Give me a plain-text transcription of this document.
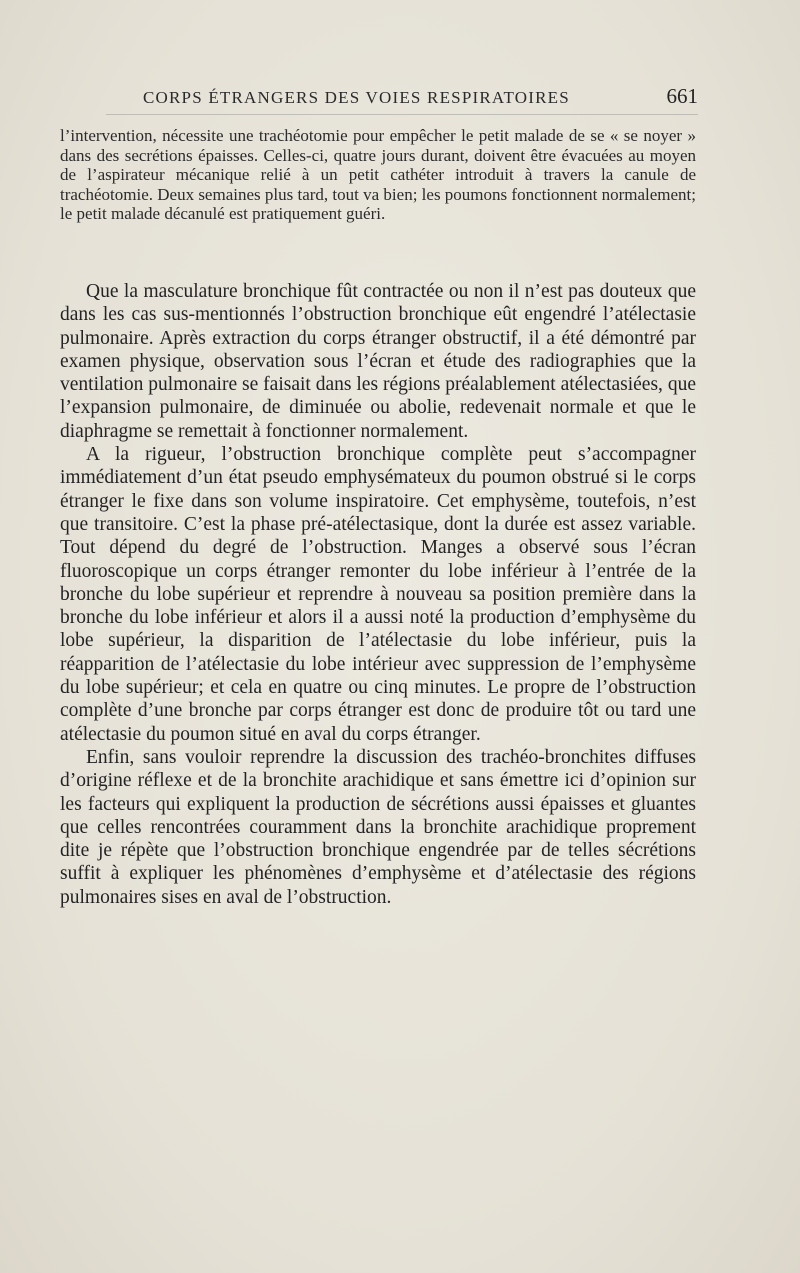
CORPS ÉTRANGERS DES VOIES RESPIRATOIRES	661

l’intervention, nécessite une trachéotomie pour empêcher le petit malade de se « se noyer » dans des secrétions épaisses. Celles-ci, quatre jours durant, doivent être évacuées au moyen de l’aspirateur mécanique relié à un petit cathéter introduit à travers la canule de trachéotomie. Deux semaines plus tard, tout va bien; les poumons fonctionnent normalement; le petit malade décanulé est pratiquement guéri.

Que la masculature bronchique fût contractée ou non il n’est pas douteux que dans les cas sus-mentionnés l’obstruction bronchique eût engendré l’atélectasie pulmonaire. Après extraction du corps étranger obstructif, il a été démontré par examen physique, observation sous l’écran et étude des radiographies que la ventilation pulmonaire se faisait dans les régions préalablement atélectasiées, que l’expansion pulmonaire, de diminuée ou abolie, redevenait normale et que le diaphragme se remettait à fonctionner normalement.

A la rigueur, l’obstruction bronchique complète peut s’accompagner immédiatement d’un état pseudo emphysémateux du poumon obstrué si le corps étranger le fixe dans son volume inspiratoire. Cet emphysème, toutefois, n’est que transitoire. C’est la phase pré-atélectasique, dont la durée est assez variable. Tout dépend du degré de l’obstruction. Manges a observé sous l’écran fluoroscopique un corps étranger remonter du lobe inférieur à l’entrée de la bronche du lobe supérieur et reprendre à nouveau sa position première dans la bronche du lobe inférieur et alors il a aussi noté la production d’emphysème du lobe supérieur, la disparition de l’atélectasie du lobe inférieur, puis la réapparition de l’atélectasie du lobe intérieur avec suppression de l’emphysème du lobe supérieur; et cela en quatre ou cinq minutes. Le propre de l’obstruction complète d’une bronche par corps étranger est donc de produire tôt ou tard une atélectasie du poumon situé en aval du corps étranger.

Enfin, sans vouloir reprendre la discussion des trachéo-bronchites diffuses d’origine réflexe et de la bronchite arachidique et sans émettre ici d’opinion sur les facteurs qui expliquent la production de sécrétions aussi épaisses et gluantes que celles rencontrées couramment dans la bronchite arachidique proprement dite je répète que l’obstruction bronchique engendrée par de telles sécrétions suffit à expliquer les phénomènes d’emphysème et d’atélectasie des régions pulmonaires sises en aval de l’obstruction.
